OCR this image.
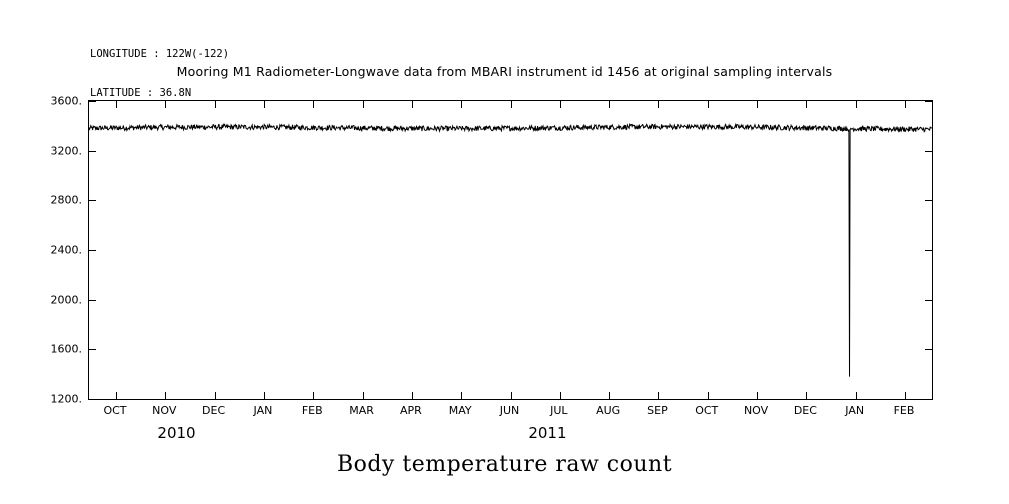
LONGITUDE : 122W(-122)

LATITUDE : 36.8N

Mooring M1 Radiometer-Longwave data from MBARI instrument id 1456 at original sampling intervals
1200.
1600.
2000.
2400.
2800.
3200.
3600.
OCT NOV DEC	JAN	FEB MAR APR MAY	JUN	JUL	AUG SEP OCT NOV DEC	JAN	FEB
2010	2011
Body temperature raw count
